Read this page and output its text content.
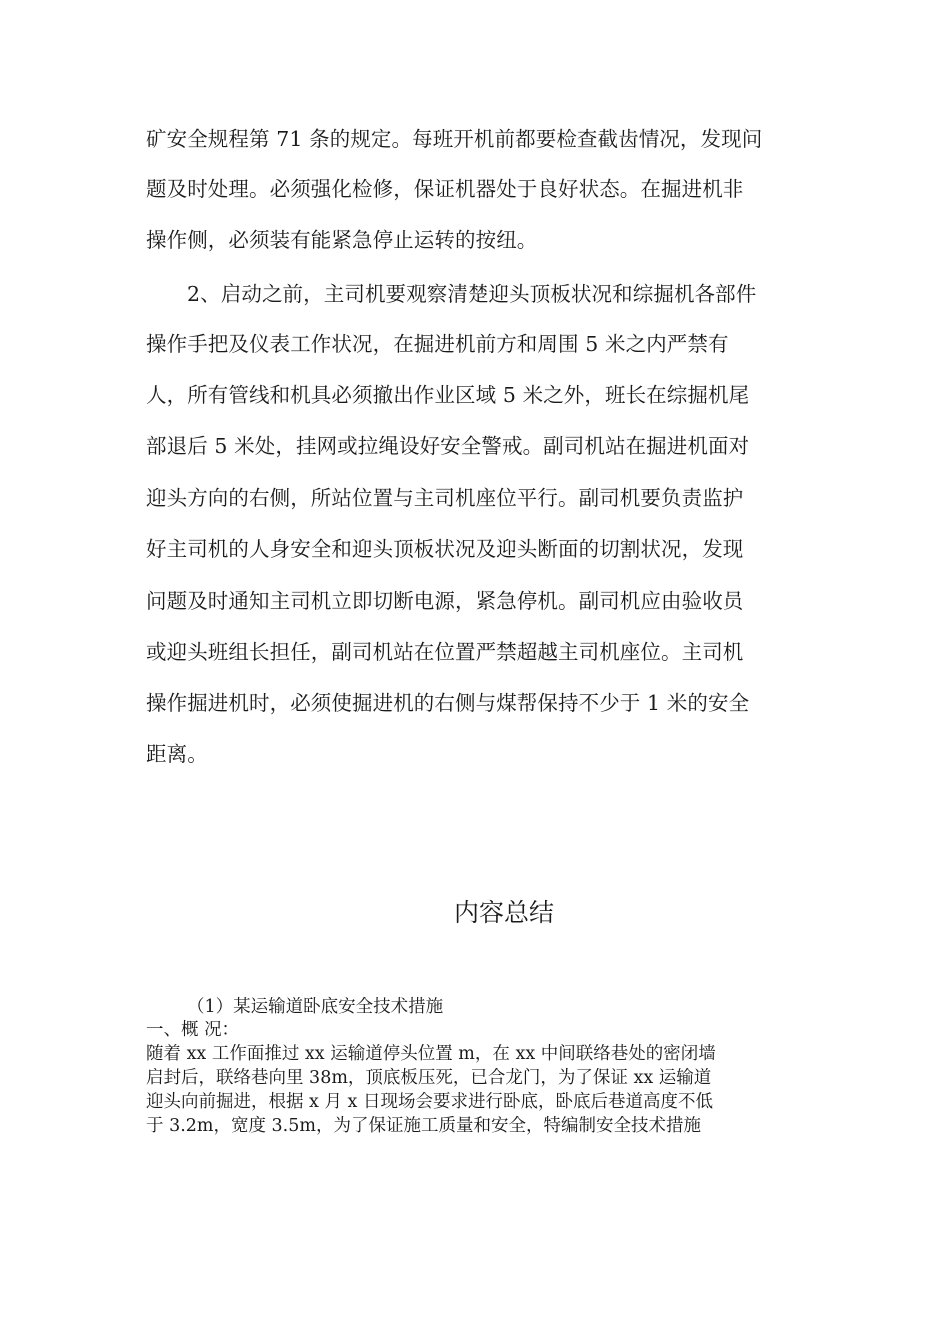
矿安全规程第 71 条的规定。每班开机前都要检查截齿情况，发现问
题及时处理。必须强化检修，保证机器处于良好状态。在掘进机非
操作侧，必须装有能紧急停止运转的按纽。
2、启动之前，主司机要观察清楚迎头顶板状况和综掘机各部件
操作手把及仪表工作状况，在掘进机前方和周围 5 米之内严禁有
人，所有管线和机具必须撤出作业区域 5 米之外，班长在综掘机尾
部退后 5 米处，挂网或拉绳设好安全警戒。副司机站在掘进机面对
迎头方向的右侧，所站位置与主司机座位平行。副司机要负责监护
好主司机的人身安全和迎头顶板状况及迎头断面的切割状况，发现
问题及时通知主司机立即切断电源，紧急停机。副司机应由验收员
或迎头班组长担任，副司机站在位置严禁超越主司机座位。主司机
操作掘进机时，必须使掘进机的右侧与煤帮保持不少于 1 米的安全
距离。
内容总结
（1）某运输道卧底安全技术措施
一、概 况：
随着 xx 工作面推过 xx 运输道停头位置 m，在 xx 中间联络巷处的密闭墙
启封后，联络巷向里 38m，顶底板压死，已合龙门，为了保证 xx 运输道
迎头向前掘进，根据 x 月 x 日现场会要求进行卧底，卧底后巷道高度不低
于 3.2m，宽度 3.5m，为了保证施工质量和安全，特编制安全技术措施
